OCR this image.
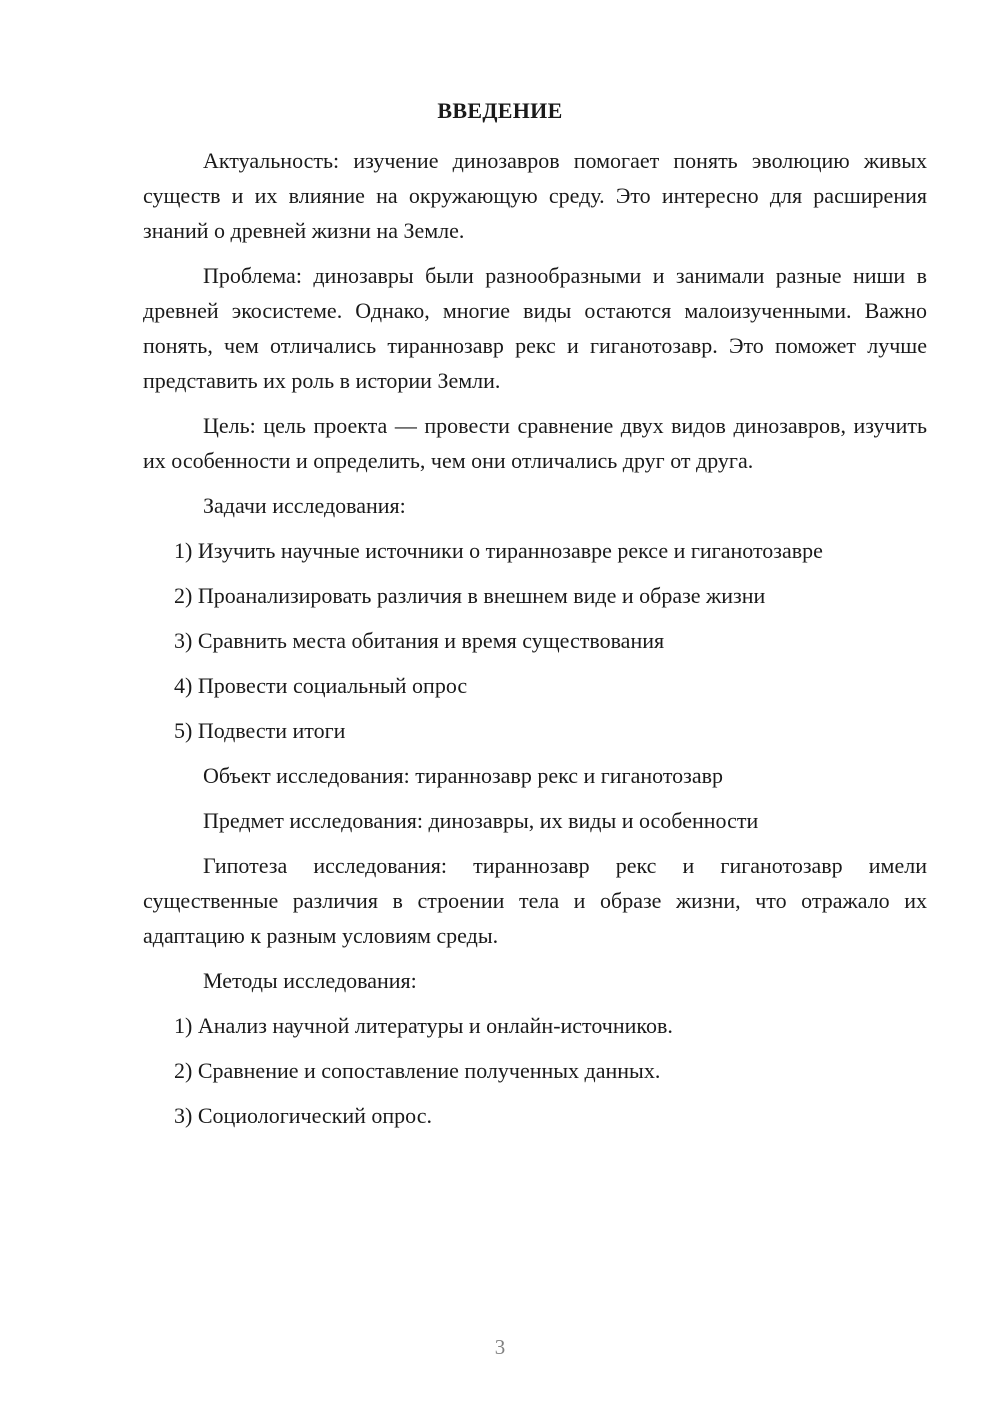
ВВЕДЕНИЕ

Актуальность: изучение динозавров помогает понять эволюцию живых существ и их влияние на окружающую среду. Это интересно для расширения знаний о древней жизни на Земле.

Проблема: динозавры были разнообразными и занимали разные ниши в древней экосистеме. Однако, многие виды остаются малоизученными. Важно понять, чем отличались тираннозавр рекс и гиганотозавр. Это поможет лучше представить их роль в истории Земли.

Цель: цель проекта — провести сравнение двух видов динозавров, изучить их особенности и определить, чем они отличались друг от друга.

Задачи исследования:

1) Изучить научные источники о тираннозавре рексе и гиганотозавре

2) Проанализировать различия в внешнем виде и образе жизни

3) Сравнить места обитания и время существования

4) Провести социальный опрос

5) Подвести итоги

Объект исследования: тираннозавр рекс и гиганотозавр

Предмет исследования: динозавры, их виды и особенности

Гипотеза исследования: тираннозавр рекс и гиганотозавр имели существенные различия в строении тела и образе жизни, что отражало их адаптацию к разным условиям среды.

Методы исследования:

1) Анализ научной литературы и онлайн-источников.

2) Сравнение и сопоставление полученных данных.

3) Социологический опрос.

3
